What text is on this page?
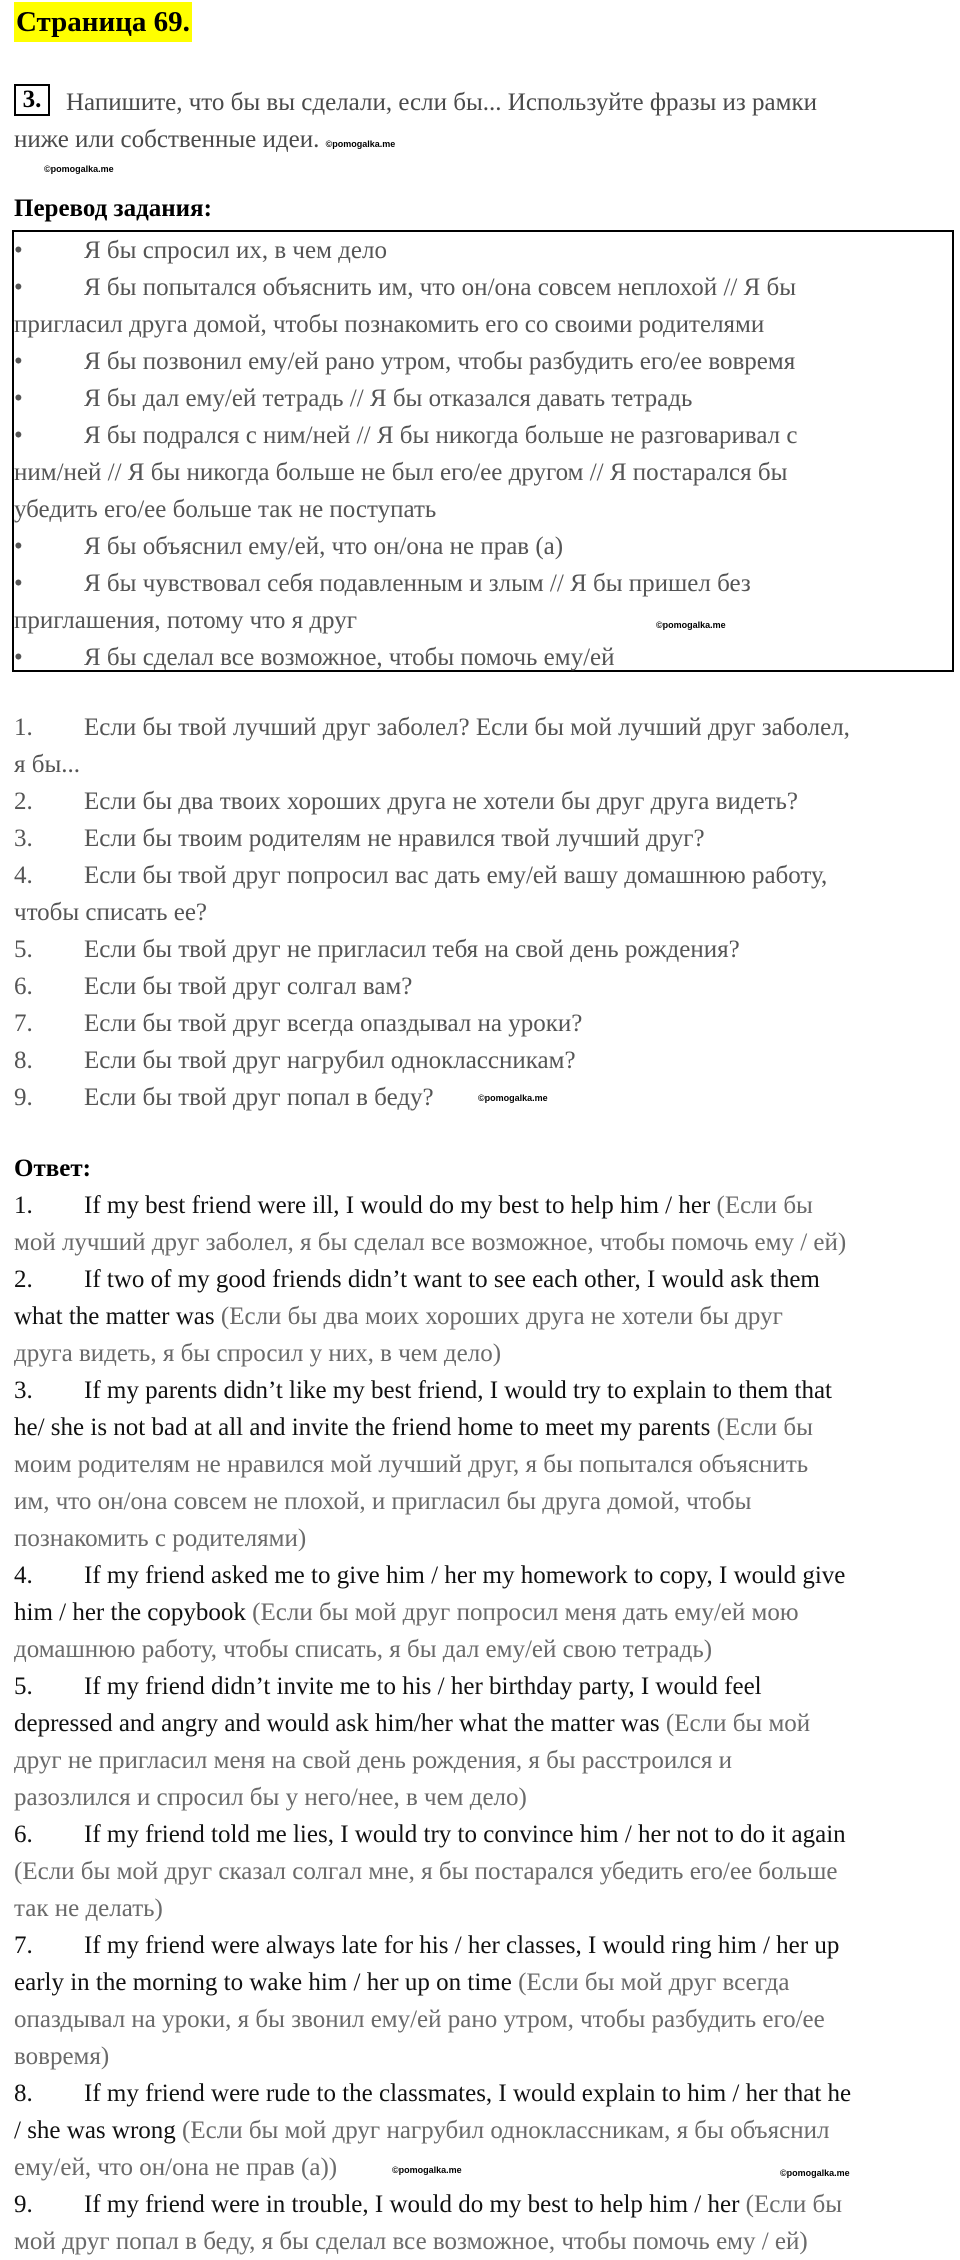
Страница 69.
3. Напишите, что бы вы сделали, если бы... Используйте фразы из рамки
ниже или собственные идеи. ©pomogalka.me
©pomogalka.me
Перевод задания:
• Я бы спросил их, в чем дело
• Я бы попытался объяснить им, что он/она совсем неплохой // Я бы
пригласил друга домой, чтобы познакомить его со своими родителями
• Я бы позвонил ему/ей рано утром, чтобы разбудить его/ее вовремя
• Я бы дал ему/ей тетрадь // Я бы отказался давать тетрадь
• Я бы подрался с ним/ней // Я бы никогда больше не разговаривал с
ним/ней // Я бы никогда больше не был его/ее другом // Я постарался бы
убедить его/ее больше так не поступать
• Я бы объяснил ему/ей, что он/она не прав (а)
• Я бы чувствовал себя подавленным и злым // Я бы пришел без
приглашения, потому что я друг
• Я бы сделал все возможное, чтобы помочь ему/ей
©pomogalka.me
1. Если бы твой лучший друг заболел? Если бы мой лучший друг заболел,
я бы...
2. Если бы два твоих хороших друга не хотели бы друг друга видеть?
3. Если бы твоим родителям не нравился твой лучший друг?
4. Если бы твой друг попросил вас дать ему/ей вашу домашнюю работу,
чтобы списать ее?
5. Если бы твой друг не пригласил тебя на свой день рождения?
6. Если бы твой друг солгал вам?
7. Если бы твой друг всегда опаздывал на уроки?
8. Если бы твой друг нагрубил одноклассникам?
9. Если бы твой друг попал в беду?	©pomogalka.me
Ответ:
1. If my best friend were ill, I would do my best to help him / her (Если бы
мой лучший друг заболел, я бы сделал все возможное, чтобы помочь ему / ей)
2. If two of my good friends didn’t want to see each other, I would ask them
what the matter was (Если бы два моих хороших друга не хотели бы друг
друга видеть, я бы спросил у них, в чем дело)
3. If my parents didn’t like my best friend, I would try to explain to them that
he/ she is not bad at all and invite the friend home to meet my parents (Если бы
моим родителям не нравился мой лучший друг, я бы попытался объяснить
им, что он/она совсем не плохой, и пригласил бы друга домой, чтобы
познакомить с родителями)
4. If my friend asked me to give him / her my homework to copy, I would give
him / her the copybook (Если бы мой друг попросил меня дать ему/ей мою
домашнюю работу, чтобы списать, я бы дал ему/ей свою тетрадь)
5. If my friend didn’t invite me to his / her birthday party, I would feel
depressed and angry and would ask him/her what the matter was (Если бы мой
друг не пригласил меня на свой день рождения, я бы расстроился и
разозлился и спросил бы у него/нее, в чем дело)
6. If my friend told me lies, I would try to convince him / her not to do it again
(Если бы мой друг сказал солгал мне, я бы постарался убедить его/ее больше
так не делать)
7. If my friend were always late for his / her classes, I would ring him / her up
early in the morning to wake him / her up on time (Если бы мой друг всегда
опаздывал на уроки, я бы звонил ему/ей рано утром, чтобы разбудить его/ее
вовремя)
8. If my friend were rude to the classmates, I would explain to him / her that he
/ she was wrong (Если бы мой друг нагрубил одноклассникам, я бы объяснил
ему/ей, что он/она не прав (а))
9. If my friend were in trouble, I would do my best to help him / her (Если бы
мой друг попал в беду, я бы сделал все возможное, чтобы помочь ему / ей)
©pomogalka.me	©pomogalka.me
